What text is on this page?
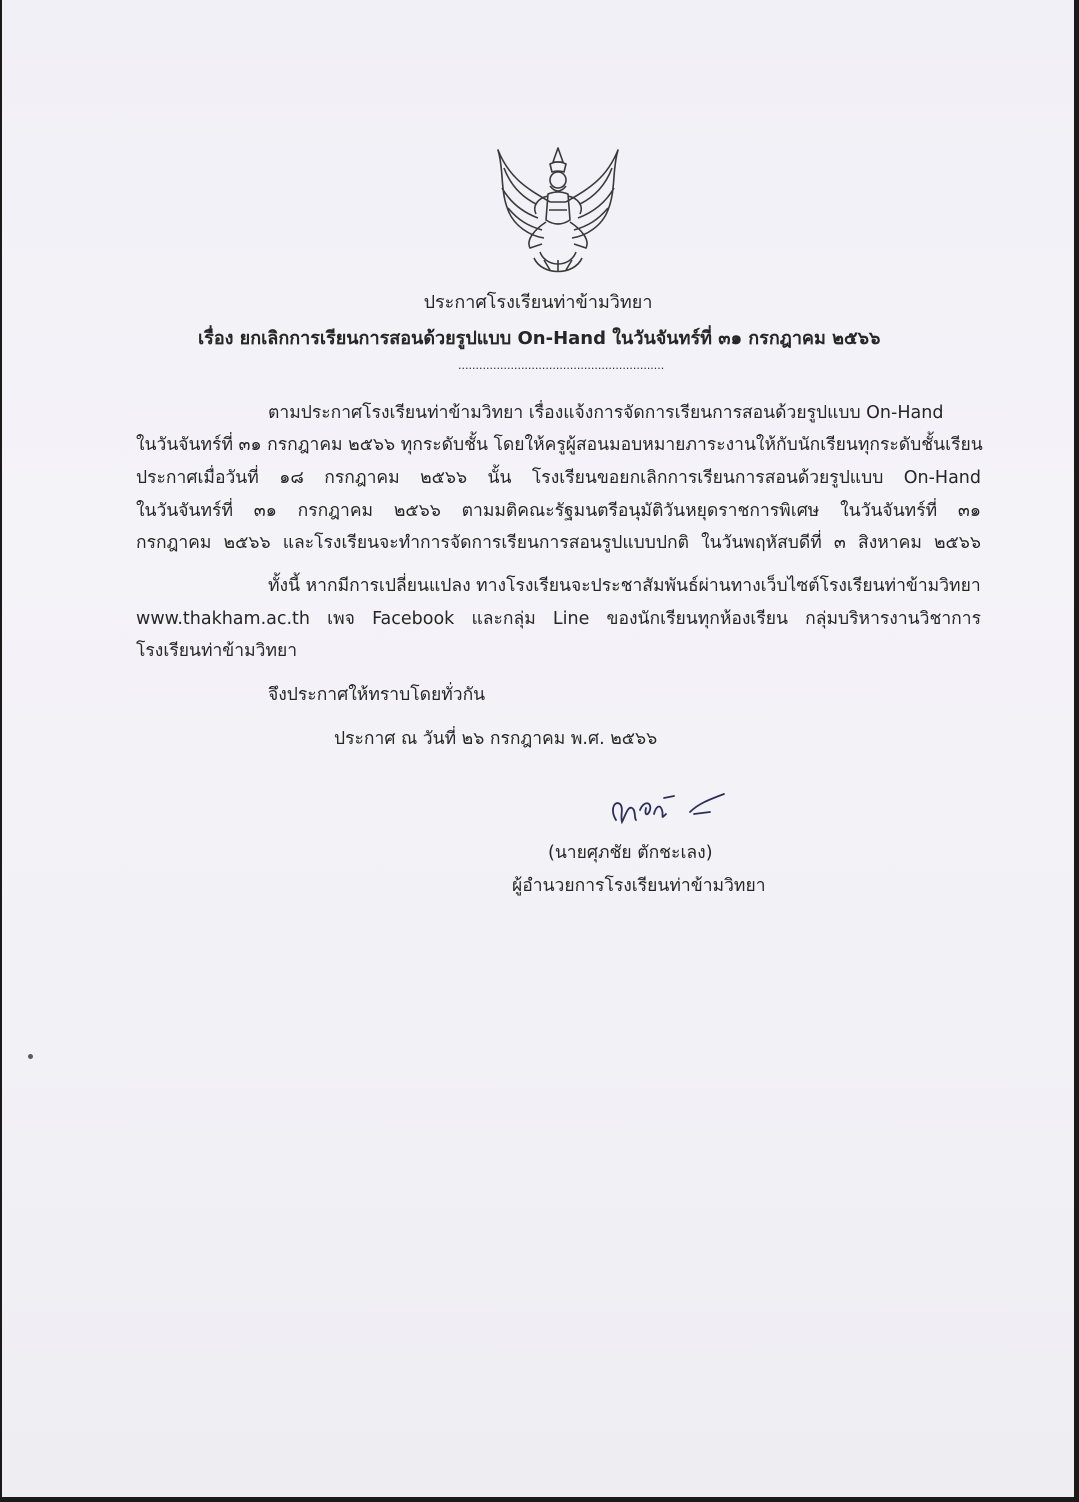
ประกาศโรงเรียนท่าข้ามวิทยา
เรื่อง ยกเลิกการเรียนการสอนด้วยรูปแบบ On-Hand ในวันจันทร์ที่ ๓๑ กรกฎาคม ๒๕๖๖
...........................................................
ตามประกาศโรงเรียนท่าข้ามวิทยา เรื่องแจ้งการจัดการเรียนการสอนด้วยรูปแบบ On-Hand
ในวันจันทร์ที่ ๓๑ กรกฎาคม ๒๕๖๖ ทุกระดับชั้น โดยให้ครูผู้สอนมอบหมายภาระงานให้กับนักเรียนทุกระดับชั้นเรียน
ประกาศเมื่อวันที่ ๑๘ กรกฎาคม ๒๕๖๖ นั้น โรงเรียนขอยกเลิกการเรียนการสอนด้วยรูปแบบ On-Hand
ในวันจันทร์ที่ ๓๑ กรกฎาคม ๒๕๖๖ ตามมติคณะรัฐมนตรีอนุมัติวันหยุดราชการพิเศษ ในวันจันทร์ที่ ๓๑
กรกฎาคม ๒๕๖๖ และโรงเรียนจะทำการจัดการเรียนการสอนรูปแบบปกติ ในวันพฤหัสบดีที่ ๓ สิงหาคม ๒๕๖๖
ทั้งนี้ หากมีการเปลี่ยนแปลง ทางโรงเรียนจะประชาสัมพันธ์ผ่านทางเว็บไซต์โรงเรียนท่าข้ามวิทยา
www.thakham.ac.th เพจ Facebook และกลุ่ม Line ของนักเรียนทุกห้องเรียน กลุ่มบริหารงานวิชาการ
โรงเรียนท่าข้ามวิทยา
จึงประกาศให้ทราบโดยทั่วกัน
ประกาศ ณ วันที่ ๒๖ กรกฎาคม พ.ศ. ๒๕๖๖
(นายศุภชัย ตักชะเลง)
ผู้อำนวยการโรงเรียนท่าข้ามวิทยา
